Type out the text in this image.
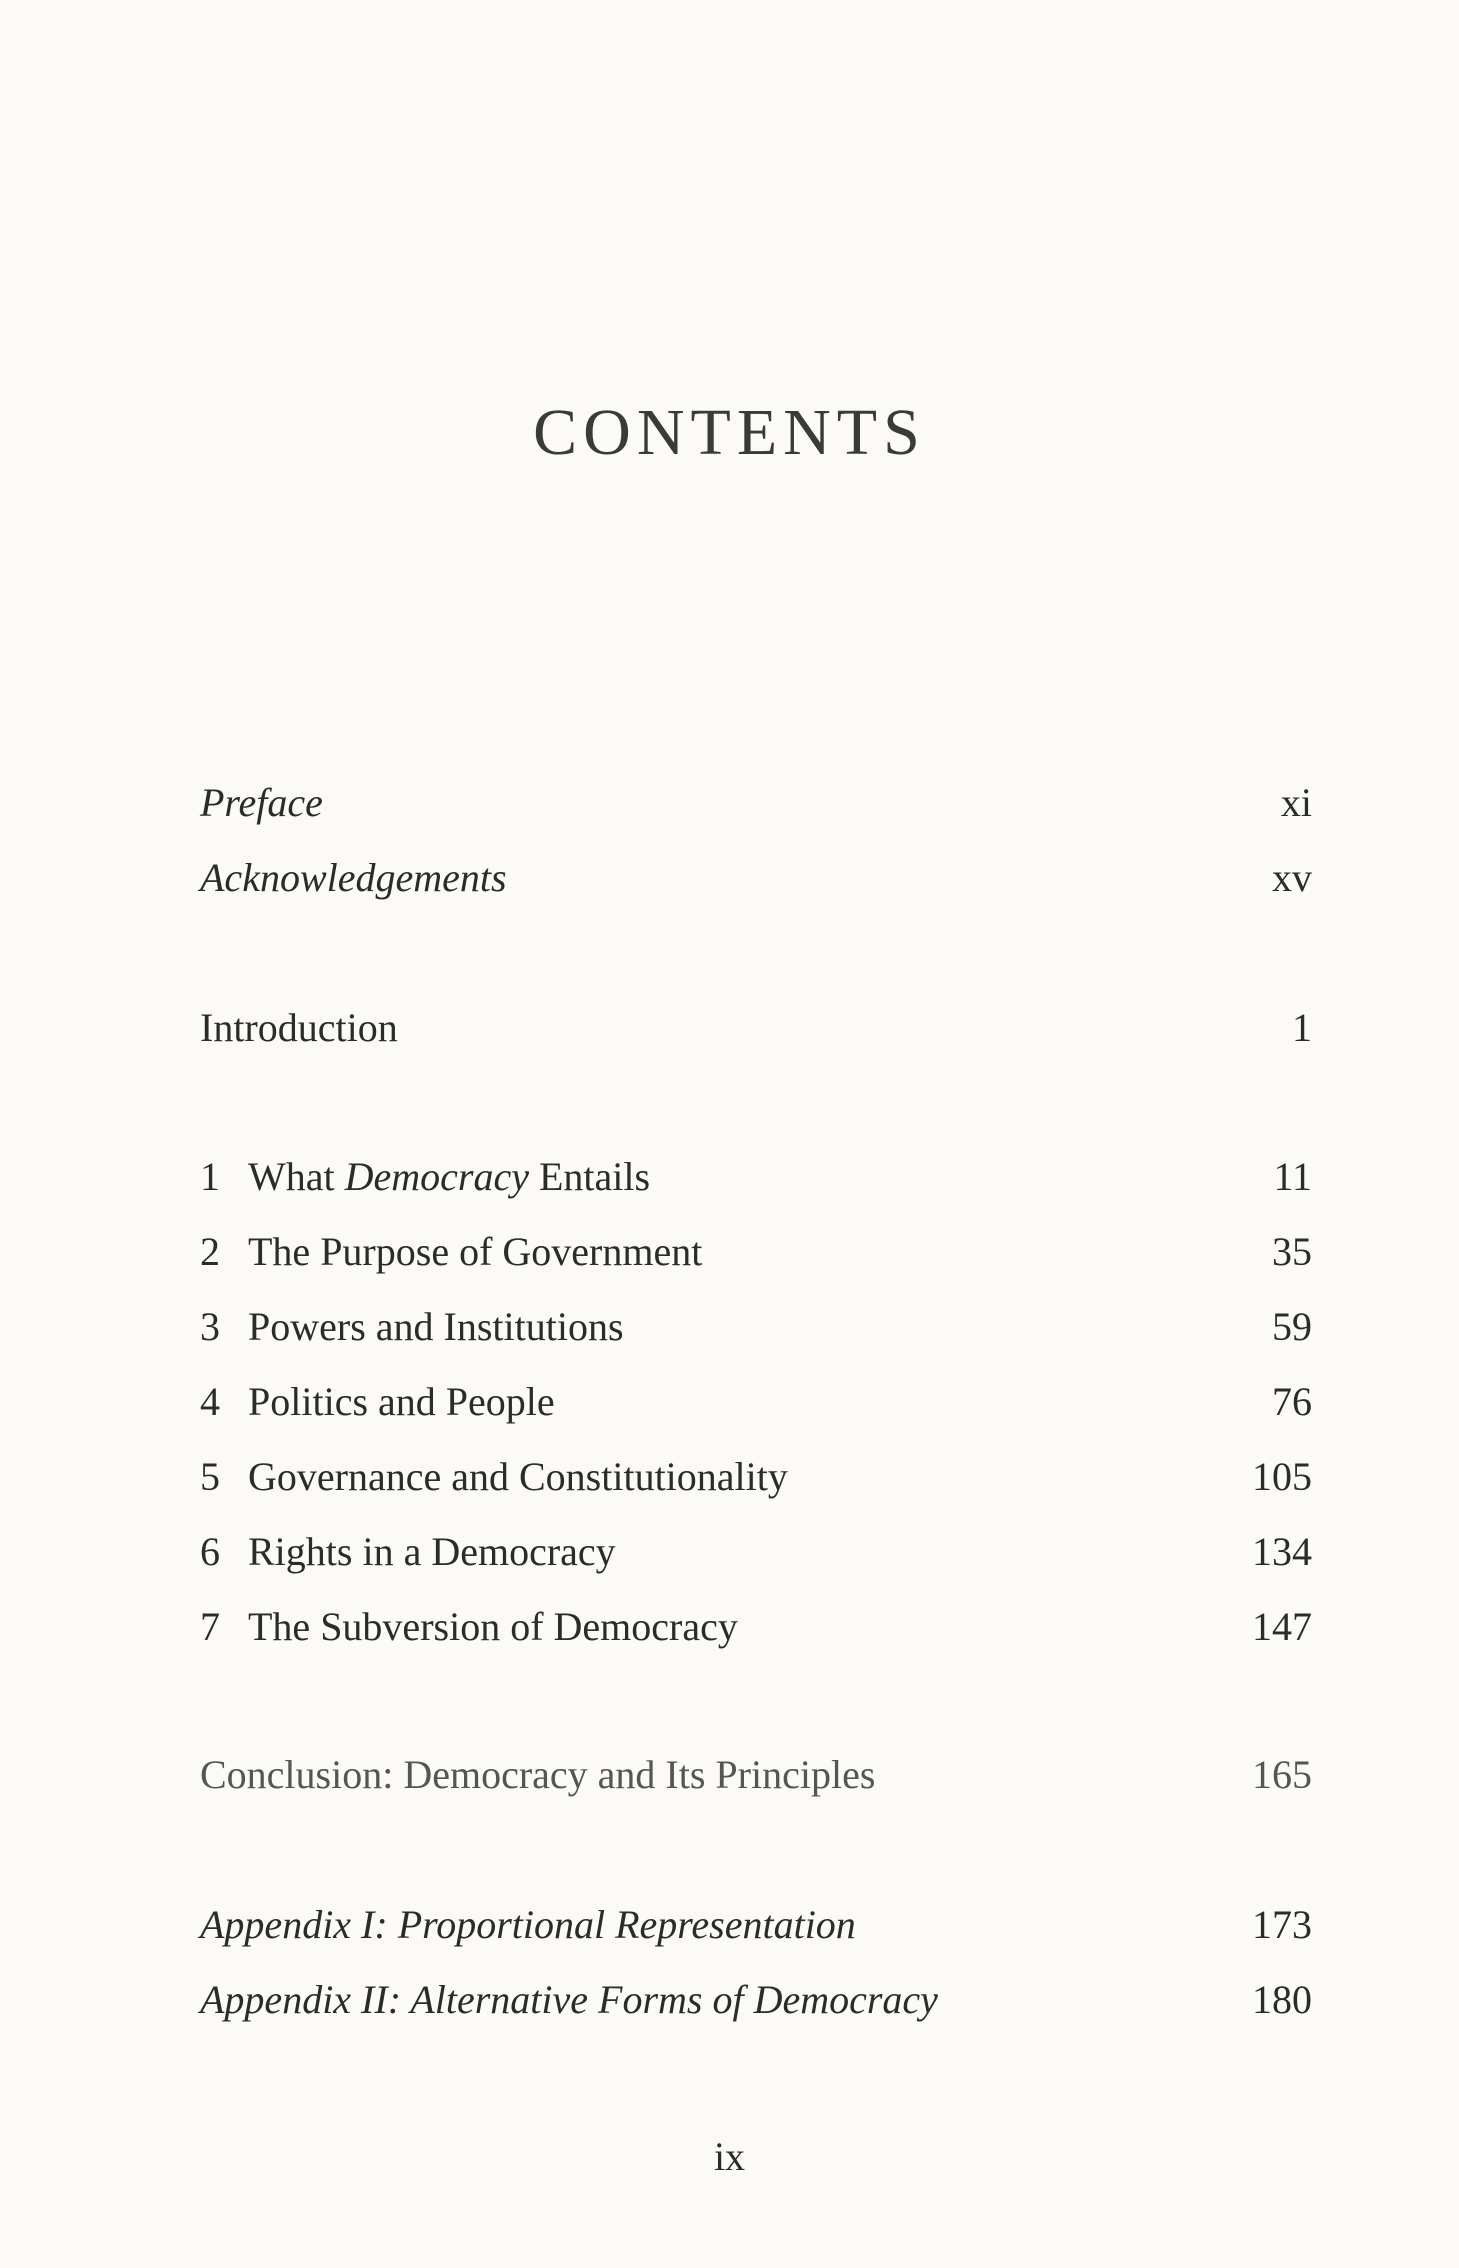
CONTENTS
Preface	xi
Acknowledgements	xv
Introduction	1
1 What Democracy Entails	11
2 The Purpose of Government	35
3 Powers and Institutions	59
4 Politics and People	76
5 Governance and Constitutionality	105
6 Rights in a Democracy	134
7 The Subversion of Democracy	147
Conclusion: Democracy and Its Principles	165
Appendix I: Proportional Representation	173
Appendix II: Alternative Forms of Democracy	180
ix
